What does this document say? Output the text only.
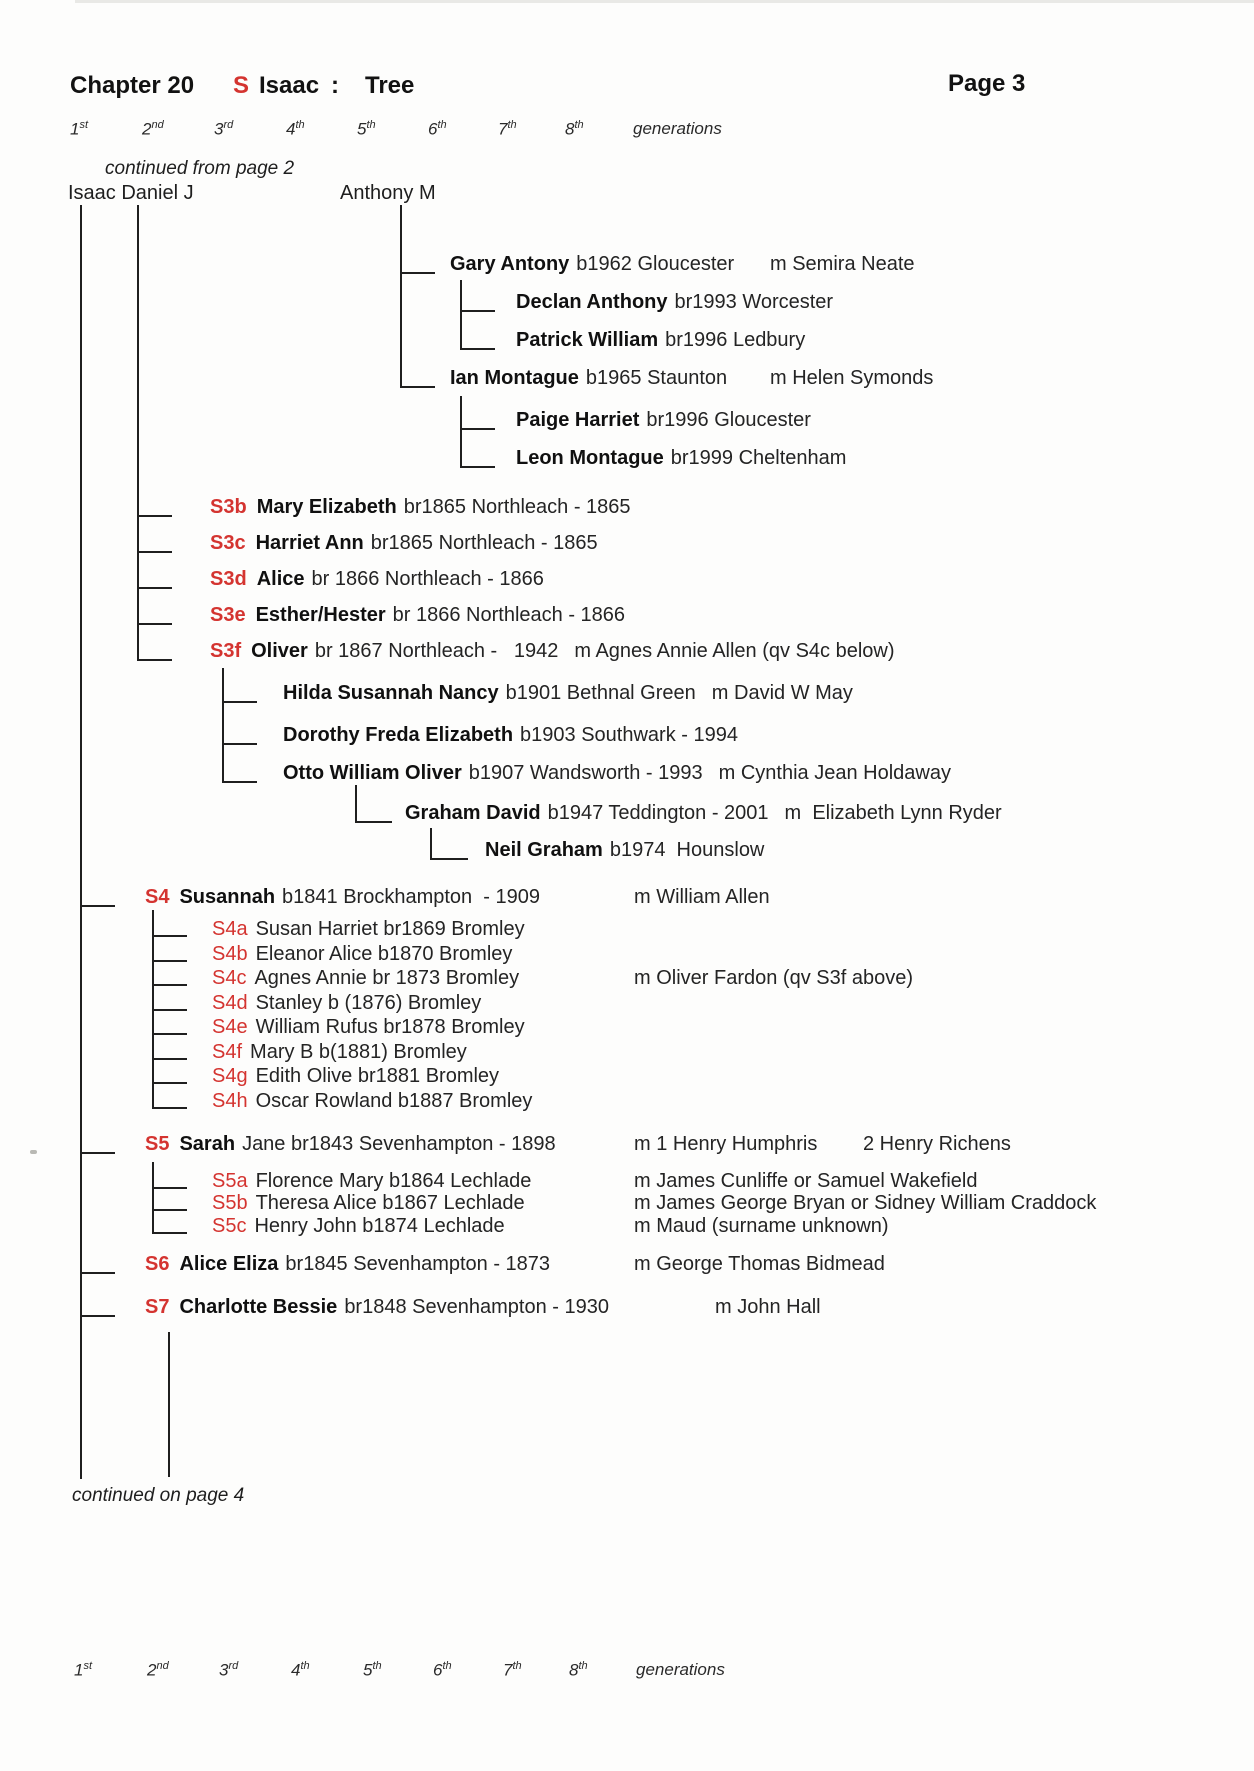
Chapter 20 S Isaac : Tree	Page 3
1st	2nd	3rd	4th	5th	6th	7th	8th	generations
continued from page 2
continued on page 4
Isaac Daniel J	Anthony M
Gary Antony b1962 Gloucester m Semira Neate
Declan Anthony br1993 Worcester
Patrick William br1996 Ledbury
Ian Montague b1965 Staunton m Helen Symonds
Paige Harriet br1996 Gloucester
Leon Montague br1999 Cheltenham
S3b Mary Elizabeth br1865 Northleach - 1865
S3c Harriet Ann br1865 Northleach - 1865
S3d Alice br 1866 Northleach - 1866
S3e Esther/Hester br 1866 Northleach - 1866
S3f Oliver br 1867 Northleach -   1942 m Agnes Annie Allen (qv S4c below)
Hilda Susannah Nancy b1901 Bethnal Green m David W May
Dorothy Freda Elizabeth b1903 Southwark - 1994
Otto William Oliver b1907 Wandsworth - 1993 m Cynthia Jean Holdaway
Graham David b1947 Teddington - 2001 m  Elizabeth Lynn Ryder
Neil Graham b1974  Hounslow
S4 Susannah b1841 Brockhampton  - 1909	m William Allen
S4a Susan Harriet br1869 Bromley
S4b Eleanor Alice b1870 Bromley
S4c Agnes Annie br 1873 Bromley	m Oliver Fardon (qv S3f above)
S4d Stanley b (1876) Bromley
S4e William Rufus br1878 Bromley
S4f Mary B b(1881) Bromley
S4g Edith Olive br1881 Bromley
S4h Oscar Rowland b1887 Bromley
S5 Sarah Jane br1843 Sevenhampton - 1898	m 1 Henry Humphris 2 Henry Richens
S5a Florence Mary b1864 Lechlade	m James Cunliffe or Samuel Wakefield
S5b Theresa Alice b1867 Lechlade	m James George Bryan or Sidney William Craddock
S5c Henry John b1874 Lechlade	m Maud (surname unknown)
S6 Alice Eliza br1845 Sevenhampton - 1873	m George Thomas Bidmead
S7 Charlotte Bessie br1848 Sevenhampton - 1930	m John Hall
1st	2nd	3rd	4th	5th	6th	7th	8th	generations
